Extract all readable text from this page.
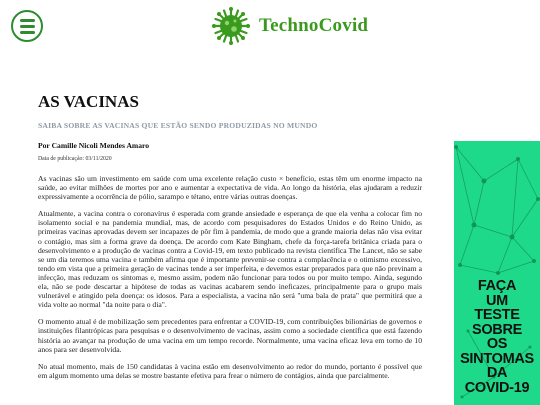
TechnoCovid
AS VACINAS
SAIBA SOBRE AS VACINAS QUE ESTÃO SENDO PRODUZIDAS NO MUNDO
Por Camille Nicoli Mendes Amaro
Data de publicação: 03/11/2020

As vacinas são um investimento em saúde com uma excelente relação custo × benefício, estas têm um enorme impacto na saúde, ao evitar milhões de mortes por ano e aumentar a expectativa de vida. Ao longo da história, elas ajudaram a reduzir expressivamente a ocorrência de pólio, sarampo e tétano, entre várias outras doenças.

Atualmente, a vacina contra o coronavírus é esperada com grande ansiedade e esperança de que ela venha a colocar fim no isolamento social e na pandemia mundial, mas, de acordo com pesquisadores do Estados Unidos e do Reino Unido, as primeiras vacinas aprovadas devem ser incapazes de pôr fim à pandemia, de modo que a grande maioria delas não visa evitar o contágio, mas sim a forma grave da doença. De acordo com Kate Bingham, chefe da força-tarefa britânica criada para o desenvolvimento e a produção de vacinas contra a Covid-19, em texto publicado na revista científica The Lancet, não se sabe se um dia teremos uma vacina e também afirma que é importante prevenir-se contra a complacência e o otimismo excessivo, tendo em vista que a primeira geração de vacinas tende a ser imperfeita, e devemos estar preparados para que não previnam a infecção, mas reduzam os sintomas e, mesmo assim, podem não funcionar para todos ou por muito tempo. Ainda, segundo ela, não se pode descartar a hipótese de todas as vacinas acabarem sendo ineficazes, principalmente para o grupo mais vulnerável e atingido pela doença: os idosos. Para a especialista, a vacina não será "uma bala de prata" que permitirá que a vida volte ao normal "da noite para o dia".

O momento atual é de mobilização sem precedentes para enfrentar a COVID-19, com contribuições bilionárias de governos e instituições filantrópicas para pesquisas e o desenvolvimento de vacinas, assim como a sociedade científica que está fazendo história ao avançar na produção de uma vacina em um tempo recorde. Normalmente, uma vacina eficaz leva em torno de 10 anos para ser desenvolvida.

No atual momento, mais de 150 candidatas à vacina estão em desenvolvimento ao redor do mundo, portanto é possível que em algum momento uma delas se mostre bastante efetiva para frear o número de contágios, ainda que parcialmente.

FAÇA
UM
TESTE
SOBRE
OS
SINTOMAS
DA
COVID-19
